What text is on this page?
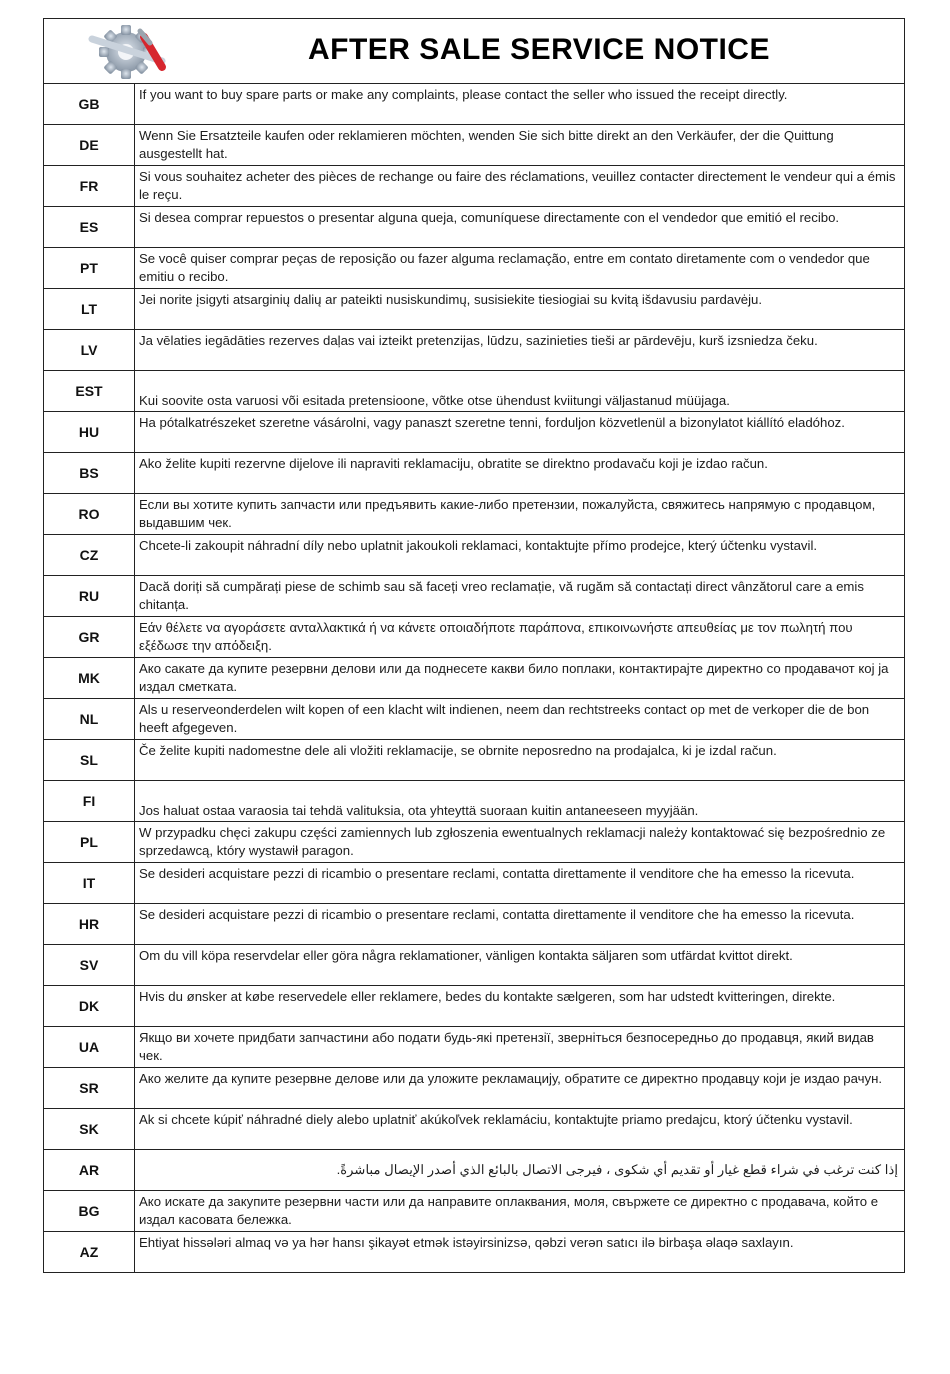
AFTER SALE SERVICE NOTICE	

GB	If you want to buy spare parts or make any complaints, please contact the seller who issued the receipt directly.
DE	Wenn Sie Ersatzteile kaufen oder reklamieren möchten, wenden Sie sich bitte direkt an den Verkäufer, der die Quittung ausgestellt hat.
FR	Si vous souhaitez acheter des pièces de rechange ou faire des réclamations, veuillez contacter directement le vendeur qui a émis le reçu.
ES	Si desea comprar repuestos o presentar alguna queja, comuníquese directamente con el vendedor que emitió el recibo.
PT	Se você quiser comprar peças de reposição ou fazer alguma reclamação, entre em contato diretamente com o vendedor que emitiu o recibo.
LT	Jei norite įsigyti atsarginių dalių ar pateikti nusiskundimų, susisiekite tiesiogiai su kvitą išdavusiu pardavėju.
LV	Ja vēlaties iegādāties rezerves daļas vai izteikt pretenzijas, lūdzu, sazinieties tieši ar pārdevēju, kurš izsniedza čeku.
EST	Kui soovite osta varuosi või esitada pretensioone, võtke otse ühendust kviitungi väljastanud müüjaga.
HU	Ha pótalkatrészeket szeretne vásárolni, vagy panaszt szeretne tenni, forduljon közvetlenül a bizonylatot kiállító eladóhoz.
BS	Ako želite kupiti rezervne dijelove ili napraviti reklamaciju, obratite se direktno prodavaču koji je izdao račun.
RO	Если вы хотите купить запчасти или предъявить какие-либо претензии, пожалуйста, свяжитесь напрямую с продавцом, выдавшим чек.
CZ	Chcete-li zakoupit náhradní díly nebo uplatnit jakoukoli reklamaci, kontaktujte přímo prodejce, který účtenku vystavil.
RU	Dacă doriți să cumpărați piese de schimb sau să faceți vreo reclamație, vă rugăm să contactați direct vânzătorul care a emis chitanța.
GR	Εάν θέλετε να αγοράσετε ανταλλακτικά ή να κάνετε οποιαδήποτε παράπονα, επικοινωνήστε απευθείας με τον πωλητή που εξέδωσε την απόδειξη.
MK	Ако сакате да купите резервни делови или да поднесете какви било поплаки, контактирајте директно со продавачот кој ја издал сметката.
NL	Als u reserveonderdelen wilt kopen of een klacht wilt indienen, neem dan rechtstreeks contact op met de verkoper die de bon heeft afgegeven.
SL	Če želite kupiti nadomestne dele ali vložiti reklamacije, se obrnite neposredno na prodajalca, ki je izdal račun.
FI	Jos haluat ostaa varaosia tai tehdä valituksia, ota yhteyttä suoraan kuitin antaneeseen myyjään.
PL	W przypadku chęci zakupu części zamiennych lub zgłoszenia ewentualnych reklamacji należy kontaktować się bezpośrednio ze sprzedawcą, który wystawił paragon.
IT	Se desideri acquistare pezzi di ricambio o presentare reclami, contatta direttamente il venditore che ha emesso la ricevuta.
HR	Se desideri acquistare pezzi di ricambio o presentare reclami, contatta direttamente il venditore che ha emesso la ricevuta.
SV	Om du vill köpa reservdelar eller göra några reklamationer, vänligen kontakta säljaren som utfärdat kvittot direkt.
DK	Hvis du ønsker at købe reservedele eller reklamere, bedes du kontakte sælgeren, som har udstedt kvitteringen, direkte.
UA	Якщо ви хочете придбати запчастини або подати будь-які претензії, зверніться безпосередньо до продавця, який видав чек.
SR	Ако желите да купите резервне делове или да уложите рекламацију, обратите се директно продавцу који је издао рачун.
SK	Ak si chcete kúpiť náhradné diely alebo uplatniť akúkoľvek reklamáciu, kontaktujte priamo predajcu, ktorý účtenku vystavil.
AR	إذا كنت ترغب في شراء قطع غيار أو تقديم أي شكوى ، فيرجى الاتصال بالبائع الذي أصدر الإيصال مباشرةً.
BG	Ако искате да закупите резервни части или да направите оплаквания, моля, свържете се директно с продавача, който е издал касовата бележка.
AZ	Ehtiyat hissələri almaq və ya hər hansı şikayət etmək istəyirsinizsə, qəbzi verən satıcı ilə birbaşa əlaqə saxlayın.
